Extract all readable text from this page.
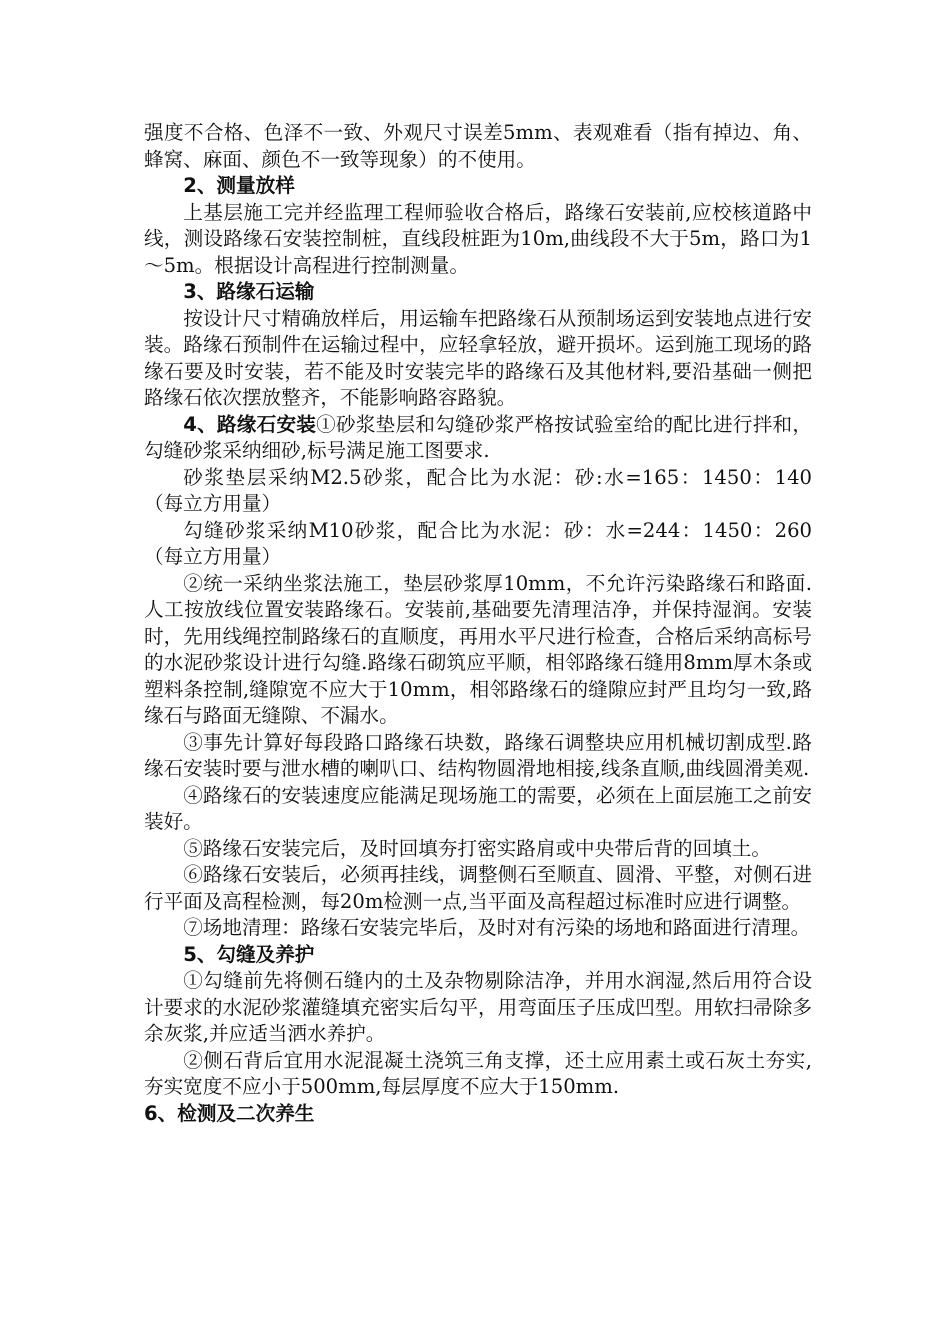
强度不合格、色泽不一致、外观尺寸误差5mm、表观难看（指有掉边、角、蜂窝、麻面、颜色不一致等现象）的不使用。

2、测量放样

上基层施工完并经监理工程师验收合格后，路缘石安装前,应校核道路中线，测设路缘石安装控制桩，直线段桩距为10m,曲线段不大于5m，路口为1～5m。根据设计高程进行控制测量。

3、路缘石运输

按设计尺寸精确放样后，用运输车把路缘石从预制场运到安装地点进行安装。路缘石预制件在运输过程中，应轻拿轻放，避开损坏。运到施工现场的路缘石要及时安装，若不能及时安装完毕的路缘石及其他材料,要沿基础一侧把路缘石依次摆放整齐，不能影响路容路貌。

4、路缘石安装①砂浆垫层和勾缝砂浆严格按试验室给的配比进行拌和，勾缝砂浆采纳细砂,标号满足施工图要求.

砂浆垫层采纳M2.5砂浆，配合比为水泥：砂:水=165：1450：140（每立方用量）

勾缝砂浆采纳M10砂浆，配合比为水泥：砂：水=244：1450：260（每立方用量）

②统一采纳坐浆法施工，垫层砂浆厚10mm，不允许污染路缘石和路面.人工按放线位置安装路缘石。安装前,基础要先清理洁净，并保持湿润。安装时，先用线绳控制路缘石的直顺度，再用水平尺进行检查，合格后采纳高标号的水泥砂浆设计进行勾缝.路缘石砌筑应平顺，相邻路缘石缝用8mm厚木条或塑料条控制,缝隙宽不应大于10mm，相邻路缘石的缝隙应封严且均匀一致,路缘石与路面无缝隙、不漏水。

③事先计算好每段路口路缘石块数，路缘石调整块应用机械切割成型.路缘石安装时要与泄水槽的喇叭口、结构物圆滑地相接,线条直顺,曲线圆滑美观.

④路缘石的安装速度应能满足现场施工的需要，必须在上面层施工之前安装好。

⑤路缘石安装完后，及时回填夯打密实路肩或中央带后背的回填土。

⑥路缘石安装后，必须再挂线，调整侧石至顺直、圆滑、平整，对侧石进行平面及高程检测，每20m检测一点,当平面及高程超过标准时应进行调整。

⑦场地清理：路缘石安装完毕后，及时对有污染的场地和路面进行清理。

5、勾缝及养护

①勾缝前先将侧石缝内的土及杂物剔除洁净，并用水润湿,然后用符合设计要求的水泥砂浆灌缝填充密实后勾平，用弯面压子压成凹型。用软扫帚除多余灰浆,并应适当洒水养护。

②侧石背后宜用水泥混凝土浇筑三角支撑，还土应用素土或石灰土夯实,夯实宽度不应小于500mm,每层厚度不应大于150mm.

6、检测及二次养生
